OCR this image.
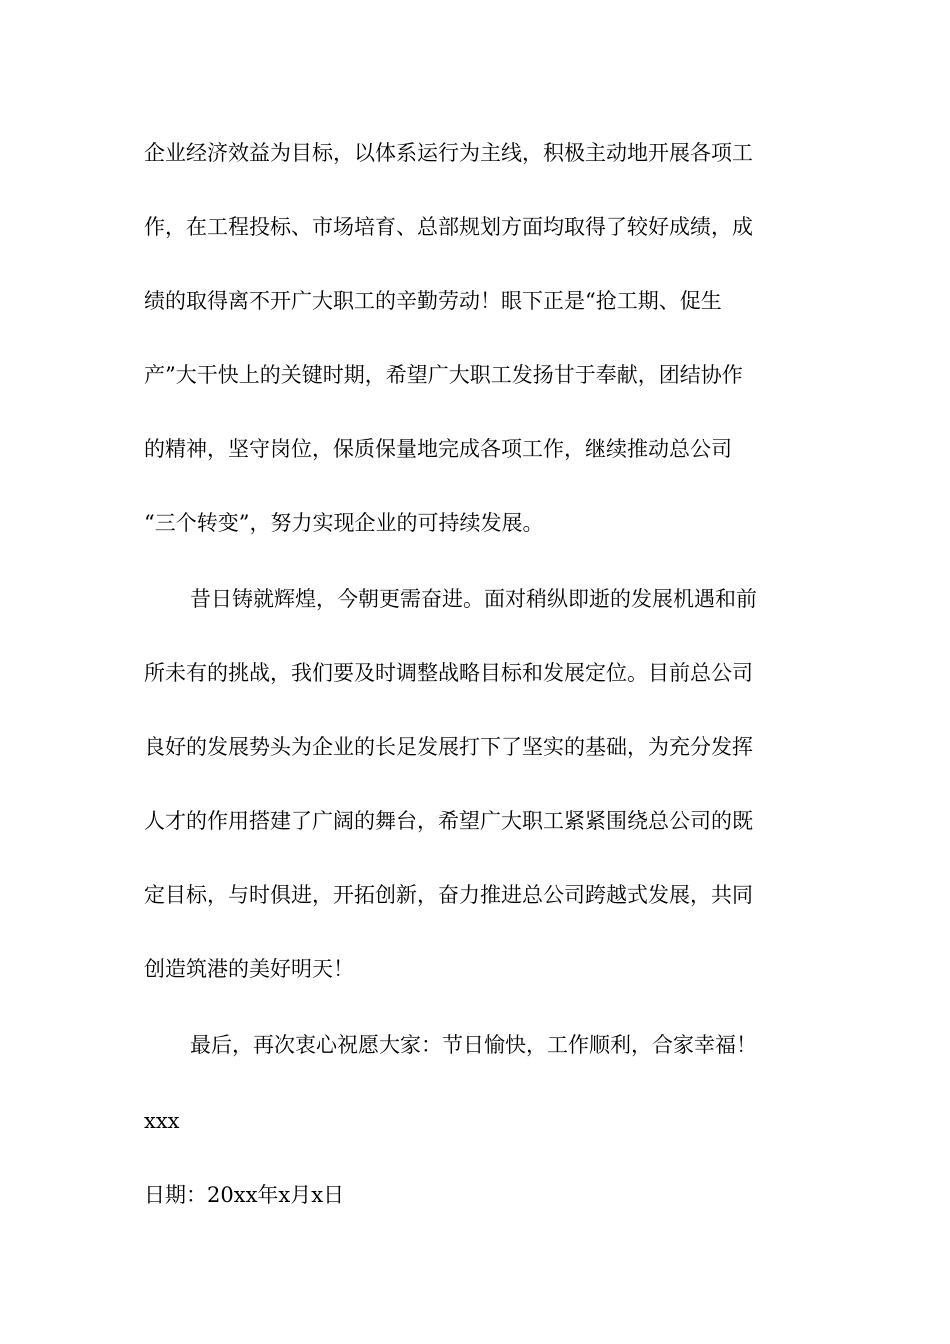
企业经济效益为目标，以体系运行为主线，积极主动地开展各项工
作，在工程投标、市场培育、总部规划方面均取得了较好成绩，成
绩的取得离不开广大职工的辛勤劳动！眼下正是“抢工期、促生
产”大干快上的关键时期，希望广大职工发扬甘于奉献，团结协作
的精神，坚守岗位，保质保量地完成各项工作，继续推动总公司
“三个转变”，努力实现企业的可持续发展。
昔日铸就辉煌，今朝更需奋进。面对稍纵即逝的发展机遇和前
所未有的挑战，我们要及时调整战略目标和发展定位。目前总公司
良好的发展势头为企业的长足发展打下了坚实的基础，为充分发挥
人才的作用搭建了广阔的舞台，希望广大职工紧紧围绕总公司的既
定目标，与时俱进，开拓创新，奋力推进总公司跨越式发展，共同
创造筑港的美好明天！
最后，再次衷心祝愿大家：节日愉快，工作顺利，合家幸福！
xxx
日期：20xx年x月x日
